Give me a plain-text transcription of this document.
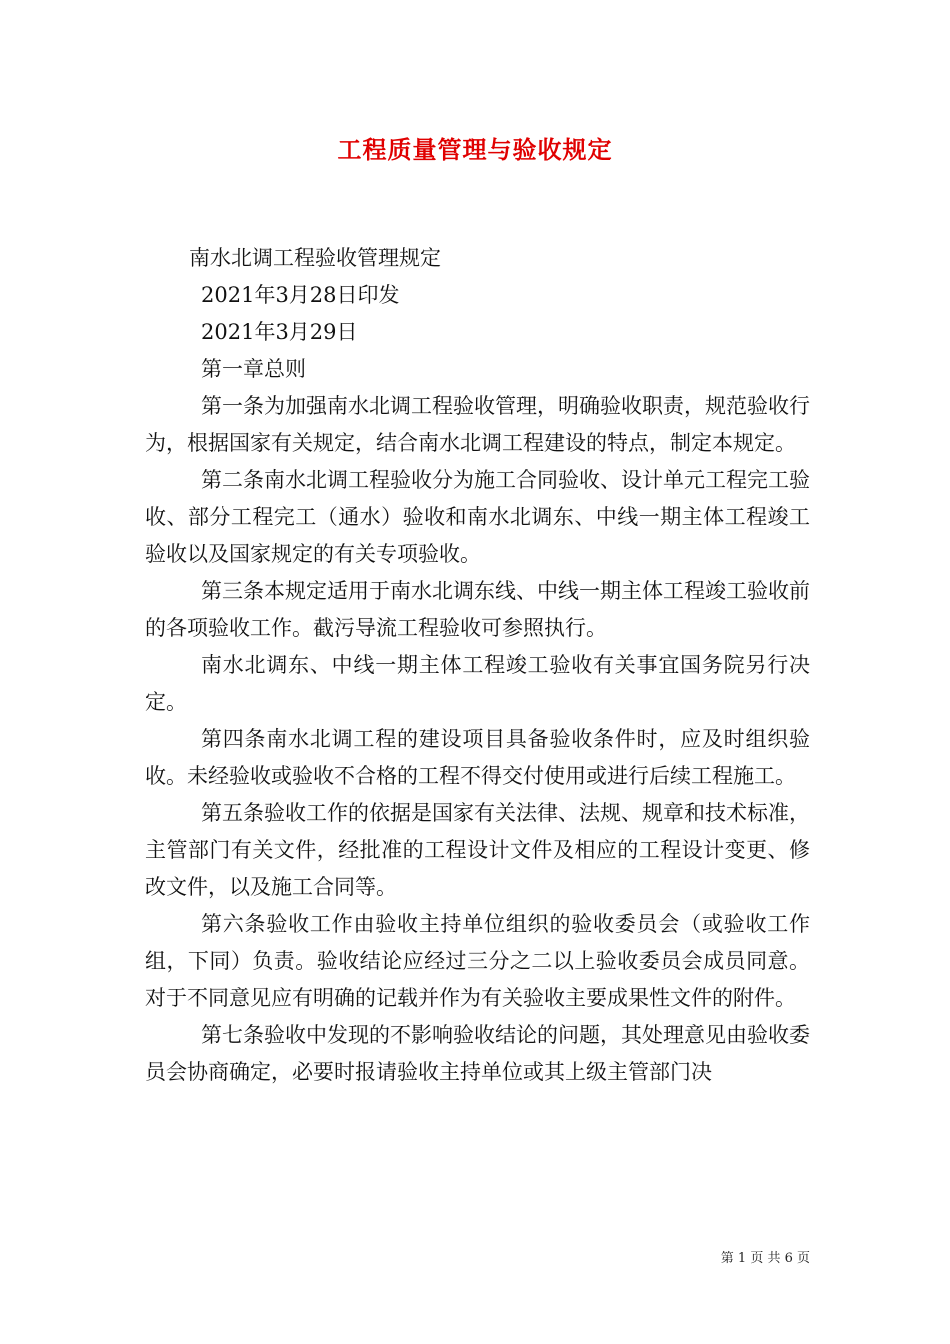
工程质量管理与验收规定

南水北调工程验收管理规定

2021年3月28日印发

2021年3月29日

第一章总则

第一条为加强南水北调工程验收管理，明确验收职责，规范验收行为，根据国家有关规定，结合南水北调工程建设的特点，制定本规定。

第二条南水北调工程验收分为施工合同验收、设计单元工程完工验收、部分工程完工（通水）验收和南水北调东、中线一期主体工程竣工验收以及国家规定的有关专项验收。

第三条本规定适用于南水北调东线、中线一期主体工程竣工验收前的各项验收工作。截污导流工程验收可参照执行。

南水北调东、中线一期主体工程竣工验收有关事宜国务院另行决定。

第四条南水北调工程的建设项目具备验收条件时，应及时组织验收。未经验收或验收不合格的工程不得交付使用或进行后续工程施工。

第五条验收工作的依据是国家有关法律、法规、规章和技术标准，主管部门有关文件，经批准的工程设计文件及相应的工程设计变更、修改文件，以及施工合同等。

第六条验收工作由验收主持单位组织的验收委员会（或验收工作组，下同）负责。验收结论应经过三分之二以上验收委员会成员同意。对于不同意见应有明确的记载并作为有关验收主要成果性文件的附件。

第七条验收中发现的不影响验收结论的问题，其处理意见由验收委员会协商确定，必要时报请验收主持单位或其上级主管部门决

第 1 页 共 6 页
